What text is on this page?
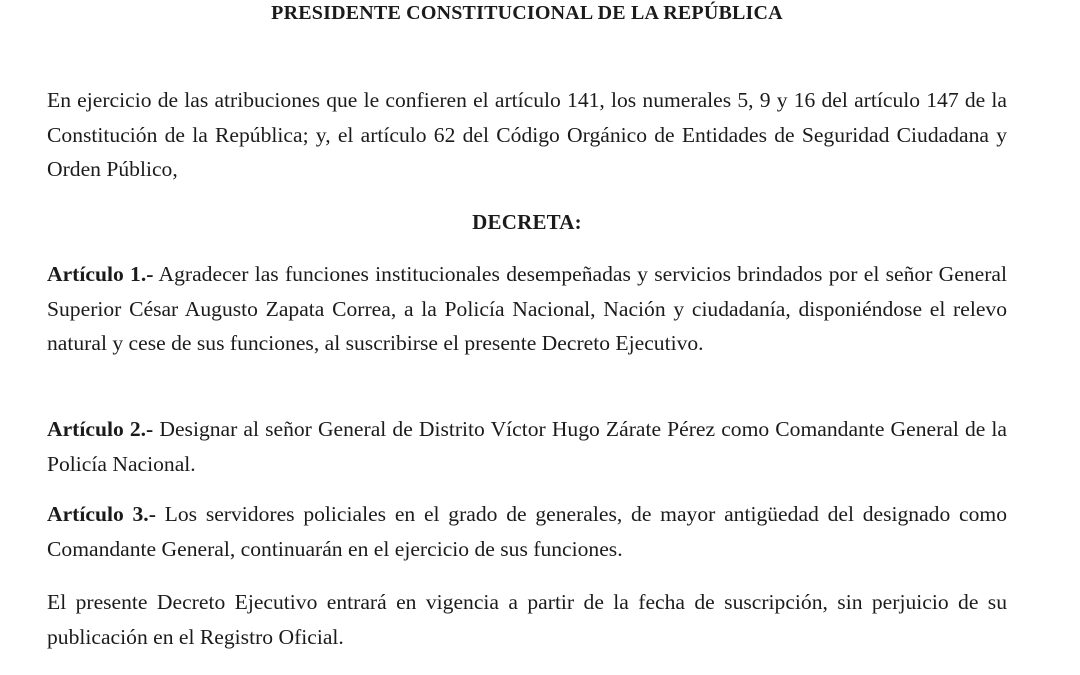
PRESIDENTE CONSTITUCIONAL DE LA REPÚBLICA

En ejercicio de las atribuciones que le confieren el artículo 141, los numerales 5, 9 y 16 del artículo 147 de la Constitución de la República; y, el artículo 62 del Código Orgánico de Entidades de Seguridad Ciudadana y Orden Público,

DECRETA:

Artículo 1.- Agradecer las funciones institucionales desempeñadas y servicios brindados por el señor General Superior César Augusto Zapata Correa, a la Policía Nacional, Nación y ciudadanía, disponiéndose el relevo natural y cese de sus funciones, al suscribirse el presente Decreto Ejecutivo.

Artículo 2.- Designar al señor General de Distrito Víctor Hugo Zárate Pérez como Comandante General de la Policía Nacional.

Artículo 3.- Los servidores policiales en el grado de generales, de mayor antigüedad del designado como Comandante General, continuarán en el ejercicio de sus funciones.

El presente Decreto Ejecutivo entrará en vigencia a partir de la fecha de suscripción, sin perjuicio de su publicación en el Registro Oficial.
